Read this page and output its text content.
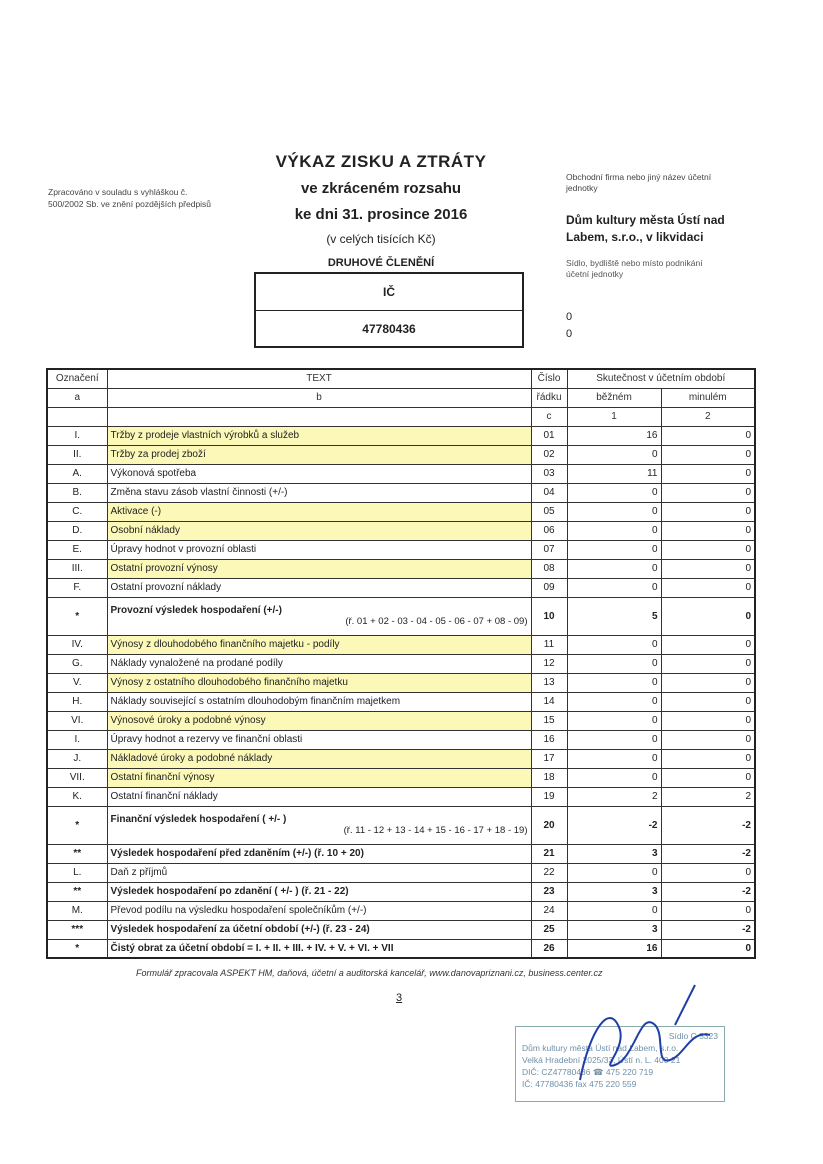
Zpracováno v souladu s vyhláškou č.
500/2002 Sb. ve znění pozdějších předpisů
VÝKAZ ZISKU A ZTRÁTY
ve zkráceném rozsahu
ke dni 31. prosince 2016
(v celých tisících Kč)
DRUHOVÉ ČLENĚNÍ
IČ
47780436
Obchodní firma nebo jiný název účetní
jednotky
Dům kultury města Ústí nad
Labem, s.r.o., v likvidaci
Sídlo, bydliště nebo místo podnikání
účetní jednotky
0
0
Označení	TEXT	Číslo	Skutečnost v účetním období	
a	b	řádku	běžném	minulém
		c	1	2
I.	Tržby z prodeje vlastních výrobků a služeb	01	16	0
II.	Tržby za prodej zboží	02	0	0
A.	Výkonová spotřeba	03	11	0
B.	Změna stavu zásob vlastní činnosti (+/-)	04	0	0
C.	Aktivace (-)	05	0	0
D.	Osobní náklady	06	0	0
E.	Úpravy hodnot v provozní oblasti	07	0	0
III.	Ostatní provozní výnosy	08	0	0
F.	Ostatní provozní náklady	09	0	0
*	Provozní výsledek hospodaření (+/-)
(ř. 01 + 02 - 03 - 04 - 05 - 06 - 07 + 08 - 09)	10	5	0
IV.	Výnosy z dlouhodobého finančního majetku - podíly	11	0	0
G.	Náklady vynaložené na prodané podíly	12	0	0
V.	Výnosy z ostatního dlouhodobého finančního majetku	13	0	0
H.	Náklady související s ostatním dlouhodobým finančním majetkem	14	0	0
VI.	Výnosové úroky a podobné výnosy	15	0	0
I.	Úpravy hodnot a rezervy ve finanční oblasti	16	0	0
J.	Nákladové úroky a podobné náklady	17	0	0
VII.	Ostatní finanční výnosy	18	0	0
K.	Ostatní finanční náklady	19	2	2
*	Finanční výsledek hospodaření ( +/- )
(ř. 11 - 12 + 13 - 14 + 15 - 16 - 17 + 18 - 19)	20	-2	-2
**	Výsledek hospodaření před zdaněním (+/-) (ř. 10 + 20)	21	3	-2
L.	Daň z příjmů	22	0	0
**	Výsledek hospodaření po zdanění ( +/- ) (ř. 21 - 22)	23	3	-2
M.	Převod podílu na výsledku hospodaření společníkům (+/-)	24	0	0
***	Výsledek hospodaření za účetní období (+/-) (ř. 23 - 24)	25	3	-2
*	Čistý obrat za účetní období = I. + II. + III. + IV. + V. + VI. + VII	26	16	0
Formulář zpracovala ASPEKT HM, daňová, účetní a auditorská kancelář, www.danovapriznani.cz, business.center.cz
3
Sídlo C 5323
Dům kultury města Ústí nad Labem, s.r.o.
Velká Hradební 2025/33, Ústí n. L. 400 21
DIČ: CZ47780436 ☎ 475 220 719
IČ: 47780436 fax 475 220 559
